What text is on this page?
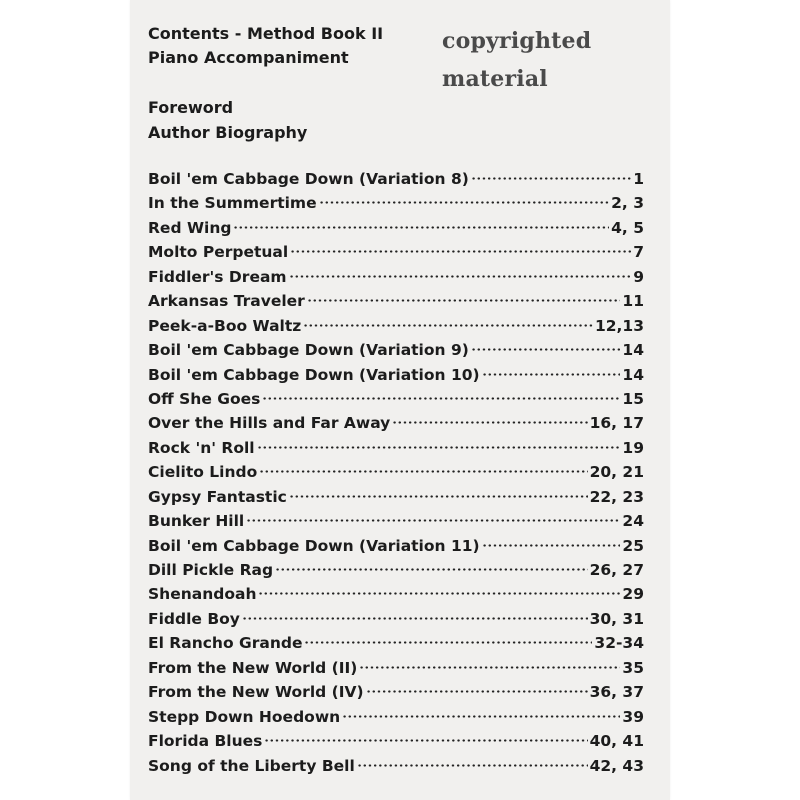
Contents - Method Book II
Piano Accompaniment
copyrighted
material
Foreword
Author Biography
Boil 'em Cabbage Down (Variation 8)	1
In the Summertime	2, 3
Red Wing	4, 5
Molto Perpetual	7
Fiddler's Dream	9
Arkansas Traveler	11
Peek-a-Boo Waltz	12,13
Boil 'em Cabbage Down (Variation 9)	14
Boil 'em Cabbage Down (Variation 10)	14
Off She Goes	15
Over the Hills and Far Away	16, 17
Rock 'n' Roll	19
Cielito Lindo	20, 21
Gypsy Fantastic	22, 23
Bunker Hill	24
Boil 'em Cabbage Down (Variation 11)	25
Dill Pickle Rag	26, 27
Shenandoah	29
Fiddle Boy	30, 31
El Rancho Grande	32-34
From the New World (II)	35
From the New World (IV)	36, 37
Stepp Down Hoedown	39
Florida Blues	40, 41
Song of the Liberty Bell	42, 43
